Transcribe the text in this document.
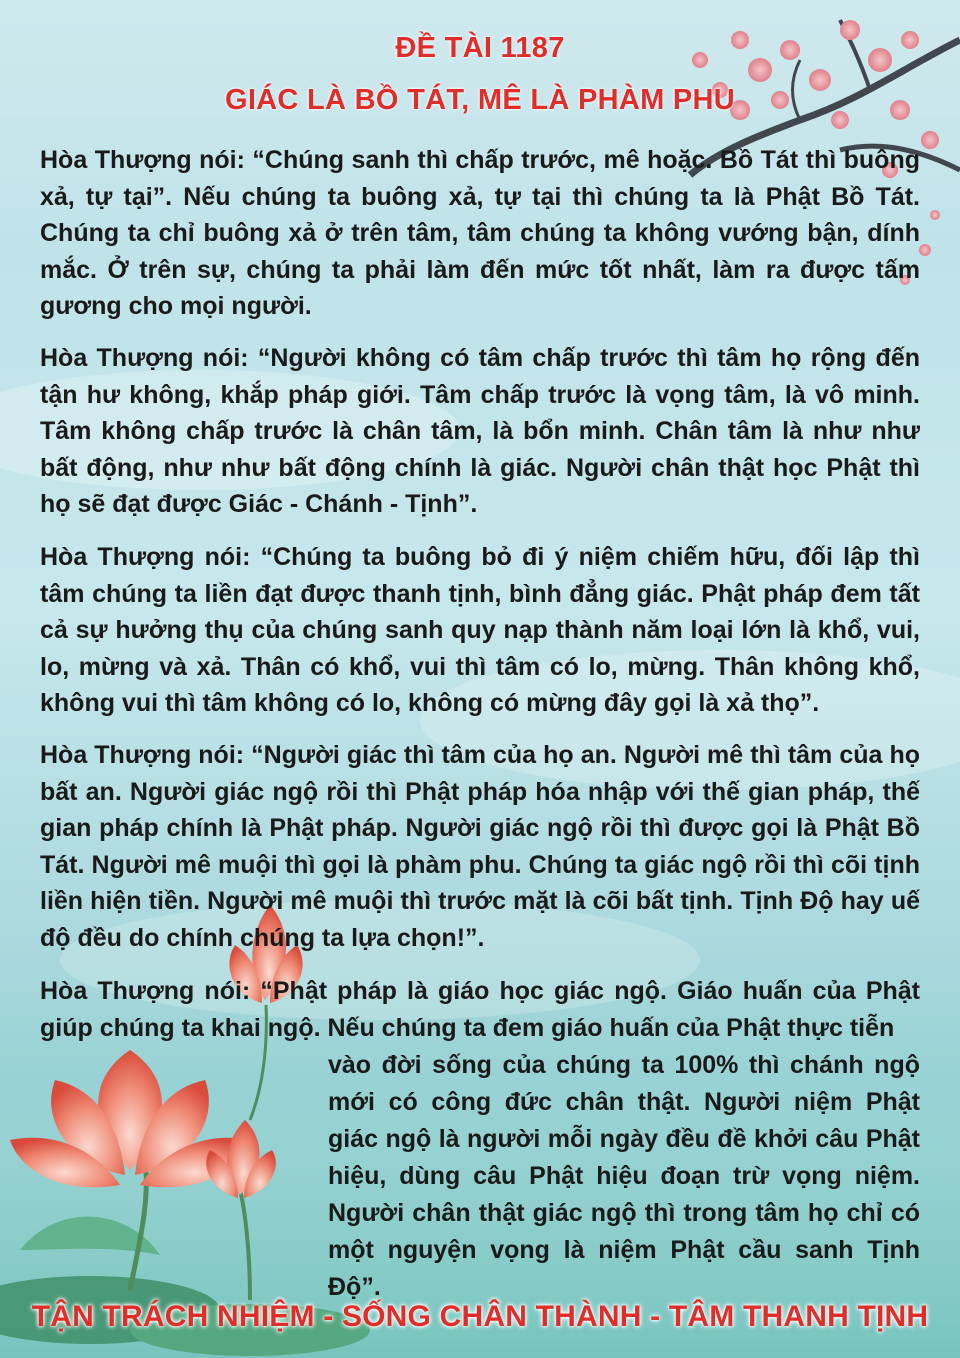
ĐỀ TÀI 1187
GIÁC LÀ BỒ TÁT, MÊ LÀ PHÀM PHU
Hòa Thượng nói: “Chúng sanh thì chấp trước, mê hoặc. Bồ Tát thì buông xả, tự tại”. Nếu chúng ta buông xả, tự tại thì chúng ta là Phật Bồ Tát. Chúng ta chỉ buông xả ở trên tâm, tâm chúng ta không vướng bận, dính mắc. Ở trên sự, chúng ta phải làm đến mức tốt nhất, làm ra được tấm gương cho mọi người.
Hòa Thượng nói: “Người không có tâm chấp trước thì tâm họ rộng đến tận hư không, khắp pháp giới. Tâm chấp trước là vọng tâm, là vô minh. Tâm không chấp trước là chân tâm, là bổn minh. Chân tâm là như như bất động, như như bất động chính là giác. Người chân thật học Phật thì họ sẽ đạt được Giác - Chánh - Tịnh”.
Hòa Thượng nói: “Chúng ta buông bỏ đi ý niệm chiếm hữu, đối lập thì tâm chúng ta liền đạt được thanh tịnh, bình đẳng giác. Phật pháp đem tất cả sự hưởng thụ của chúng sanh quy nạp thành năm loại lớn là khổ, vui, lo, mừng và xả. Thân có khổ, vui thì tâm có lo, mừng. Thân không khổ, không vui thì tâm không có lo, không có mừng đây gọi là xả thọ”.
Hòa Thượng nói: “Người giác thì tâm của họ an. Người mê thì tâm của họ bất an. Người giác ngộ rồi thì Phật pháp hóa nhập với thế gian pháp, thế gian pháp chính là Phật pháp. Người giác ngộ rồi thì được gọi là Phật Bồ Tát. Người mê muội thì gọi là phàm phu. Chúng ta giác ngộ rồi thì cõi tịnh liền hiện tiền. Người mê muội thì trước mặt là cõi bất tịnh. Tịnh Độ hay uế độ đều do chính chúng ta lựa chọn!”.
Hòa Thượng nói: “Phật pháp là giáo học giác ngộ. Giáo huấn của Phật giúp chúng ta khai ngộ. Nếu chúng ta đem giáo huấn của Phật thực tiễn
vào đời sống của chúng ta 100% thì chánh ngộ mới có công đức chân thật. Người niệm Phật giác ngộ là người mỗi ngày đều đề khởi câu Phật hiệu, dùng câu Phật hiệu đoạn trừ vọng niệm. Người chân thật giác ngộ thì trong tâm họ chỉ có một nguyện vọng là niệm Phật cầu sanh Tịnh Độ”.
TẬN TRÁCH NHIỆM - SỐNG CHÂN THÀNH - TÂM THANH TỊNH
